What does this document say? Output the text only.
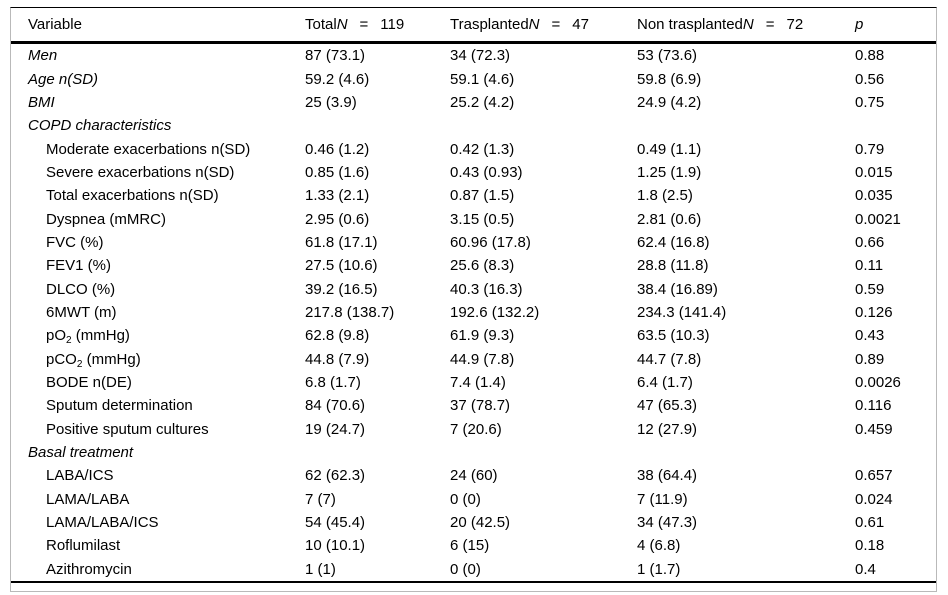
Variable	TotalN = 119	TrasplantedN = 47	Non trasplantedN = 72	p
Men	87 (73.1)	34 (72.3)	53 (73.6)	0.88
Age n(SD)	59.2 (4.6)	59.1 (4.6)	59.8 (6.9)	0.56
BMI	25 (3.9)	25.2 (4.2)	24.9 (4.2)	0.75
COPD characteristics
Moderate exacerbations n(SD)	0.46 (1.2)	0.42 (1.3)	0.49 (1.1)	0.79
Severe exacerbations n(SD)	0.85 (1.6)	0.43 (0.93)	1.25 (1.9)	0.015
Total exacerbations n(SD)	1.33 (2.1)	0.87 (1.5)	1.8 (2.5)	0.035
Dyspnea (mMRC)	2.95 (0.6)	3.15 (0.5)	2.81 (0.6)	0.0021
FVC (%)	61.8 (17.1)	60.96 (17.8)	62.4 (16.8)	0.66
FEV1 (%)	27.5 (10.6)	25.6 (8.3)	28.8 (11.8)	0.11
DLCO (%)	39.2 (16.5)	40.3 (16.3)	38.4 (16.89)	0.59
6MWT (m)	217.8 (138.7)	192.6 (132.2)	234.3 (141.4)	0.126
$pO_2$ (mmHg)	62.8 (9.8)	61.9 (9.3)	63.5 (10.3)	0.43
pCO$_2$ (mmHg)	44.8 (7.9)	44.9 (7.8)	44.7 (7.8)	0.89
BODE n(DE)	6.8 (1.7)	7.4 (1.4)	6.4 (1.7)	0.0026
Sputum determination	84 (70.6)	37 (78.7)	47 (65.3)	0.116
Positive sputum cultures	19 (24.7)	7 (20.6)	12 (27.9)	0.459
Basal treatment
LABA/ICS	62 (62.3)	24 (60)	38 (64.4)	0.657
LAMA/LABA	7 (7)	0 (0)	7 (11.9)	0.024
LAMA/LABA/ICS	54 (45.4)	20 (42.5)	34 (47.3)	0.61
Roflumilast	10 (10.1)	6 (15)	4 (6.8)	0.18
Azithromycin	1 (1)	0 (0)	1 (1.7)	0.4
